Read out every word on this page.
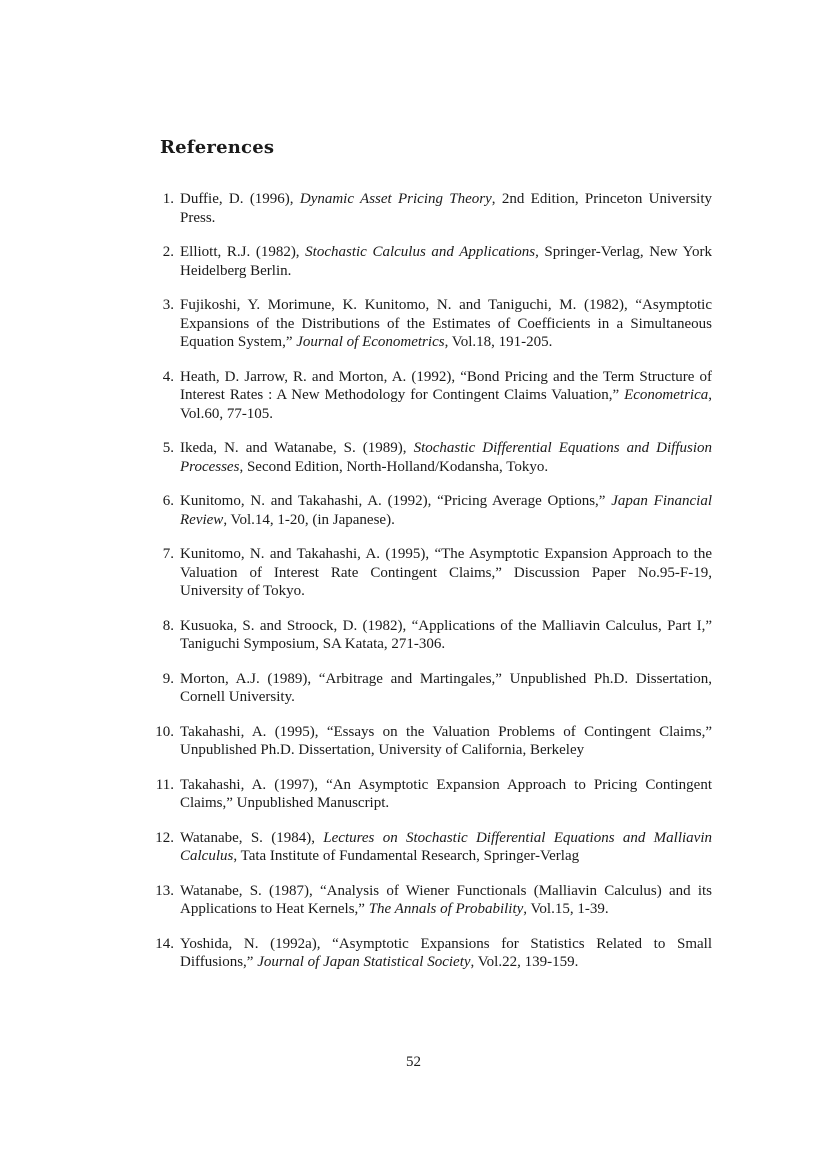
References
1. Duffie, D. (1996), Dynamic Asset Pricing Theory, 2nd Edition, Princeton University Press.
2. Elliott, R.J. (1982), Stochastic Calculus and Applications, Springer-Verlag, New York Heidelberg Berlin.
3. Fujikoshi, Y. Morimune, K. Kunitomo, N. and Taniguchi, M. (1982), “Asymptotic Expansions of the Distributions of the Estimates of Coefficients in a Simultaneous Equation System,” Journal of Econometrics, Vol.18, 191-205.
4. Heath, D. Jarrow, R. and Morton, A. (1992), “Bond Pricing and the Term Structure of Interest Rates : A New Methodology for Contingent Claims Valuation,” Econometrica, Vol.60, 77-105.
5. Ikeda, N. and Watanabe, S. (1989), Stochastic Differential Equations and Diffusion Processes, Second Edition, North-Holland/Kodansha, Tokyo.
6. Kunitomo, N. and Takahashi, A. (1992), “Pricing Average Options,” Japan Financial Review, Vol.14, 1-20, (in Japanese).
7. Kunitomo, N. and Takahashi, A. (1995), “The Asymptotic Expansion Approach to the Valuation of Interest Rate Contingent Claims,” Discussion Paper No.95-F-19, University of Tokyo.
8. Kusuoka, S. and Stroock, D. (1982), “Applications of the Malliavin Calculus, Part I,” Taniguchi Symposium, SA Katata, 271-306.
9. Morton, A.J. (1989), “Arbitrage and Martingales,” Unpublished Ph.D. Dissertation, Cornell University.
10. Takahashi, A. (1995), “Essays on the Valuation Problems of Contingent Claims,” Unpublished Ph.D. Dissertation, University of California, Berkeley
11. Takahashi, A. (1997), “An Asymptotic Expansion Approach to Pricing Contingent Claims,” Unpublished Manuscript.
12. Watanabe, S. (1984), Lectures on Stochastic Differential Equations and Malliavin Calculus, Tata Institute of Fundamental Research, Springer-Verlag
13. Watanabe, S. (1987), “Analysis of Wiener Functionals (Malliavin Calculus) and its Applications to Heat Kernels,” The Annals of Probability, Vol.15, 1-39.
14. Yoshida, N. (1992a), “Asymptotic Expansions for Statistics Related to Small Diffusions,” Journal of Japan Statistical Society, Vol.22, 139-159.
52
